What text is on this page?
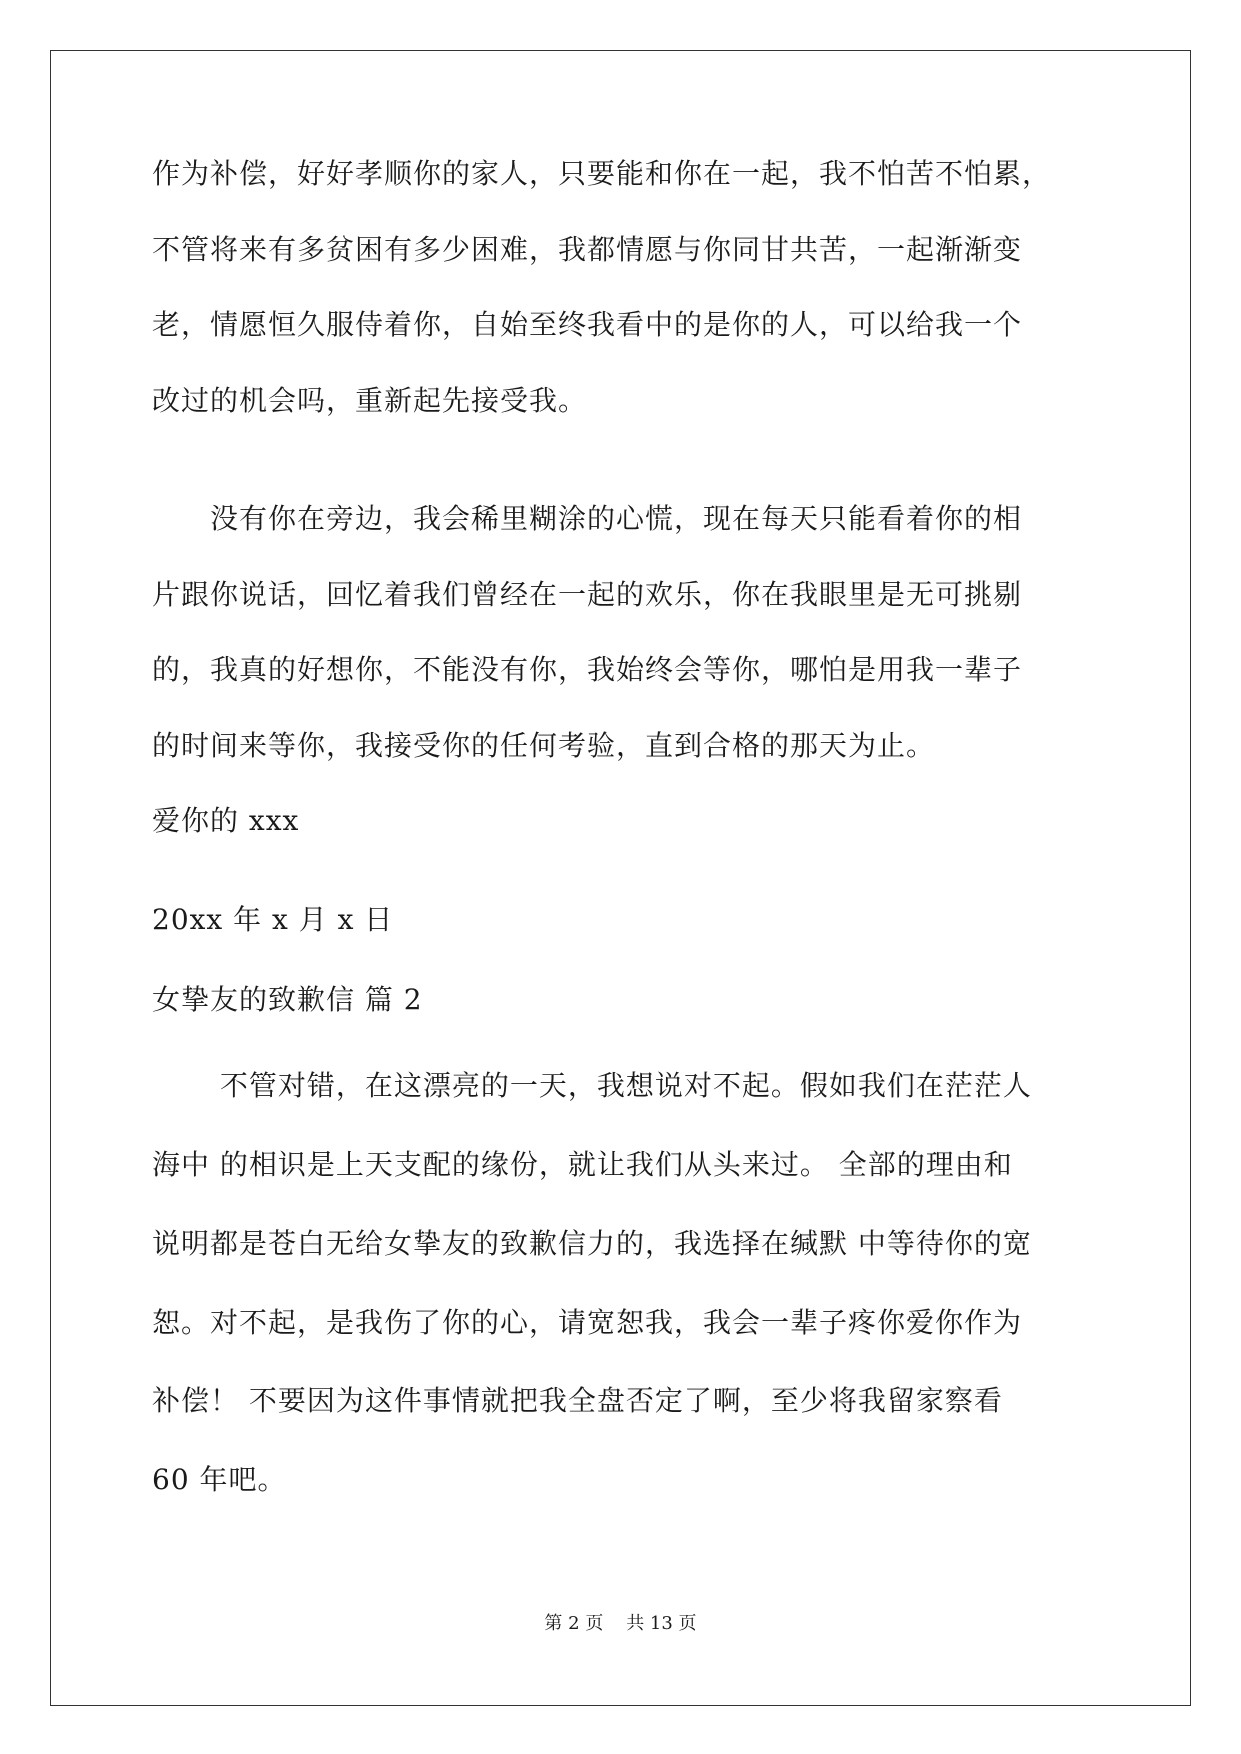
作为补偿，好好孝顺你的家人，只要能和你在一起，我不怕苦不怕累，
不管将来有多贫困有多少困难，我都情愿与你同甘共苦，一起渐渐变
老，情愿恒久服侍着你，自始至终我看中的是你的人，可以给我一个
改过的机会吗，重新起先接受我。
　　没有你在旁边，我会稀里糊涂的心慌，现在每天只能看着你的相
片跟你说话，回忆着我们曾经在一起的欢乐，你在我眼里是无可挑剔
的，我真的好想你，不能没有你，我始终会等你，哪怕是用我一辈子
的时间来等你，我接受你的任何考验，直到合格的那天为止。
爱你的 xxx
20xx 年 x 月 x 日
女挚友的致歉信 篇 2
　　 不管对错，在这漂亮的一天，我想说对不起。假如我们在茫茫人
海中 的相识是上天支配的缘份，就让我们从头来过。 全部的理由和
说明都是苍白无给女挚友的致歉信力的，我选择在缄默 中等待你的宽
恕。对不起，是我伤了你的心，请宽恕我，我会一辈子疼你爱你作为
补偿！ 不要因为这件事情就把我全盘否定了啊，至少将我留家察看
60 年吧。
第 2 页    共 13 页
